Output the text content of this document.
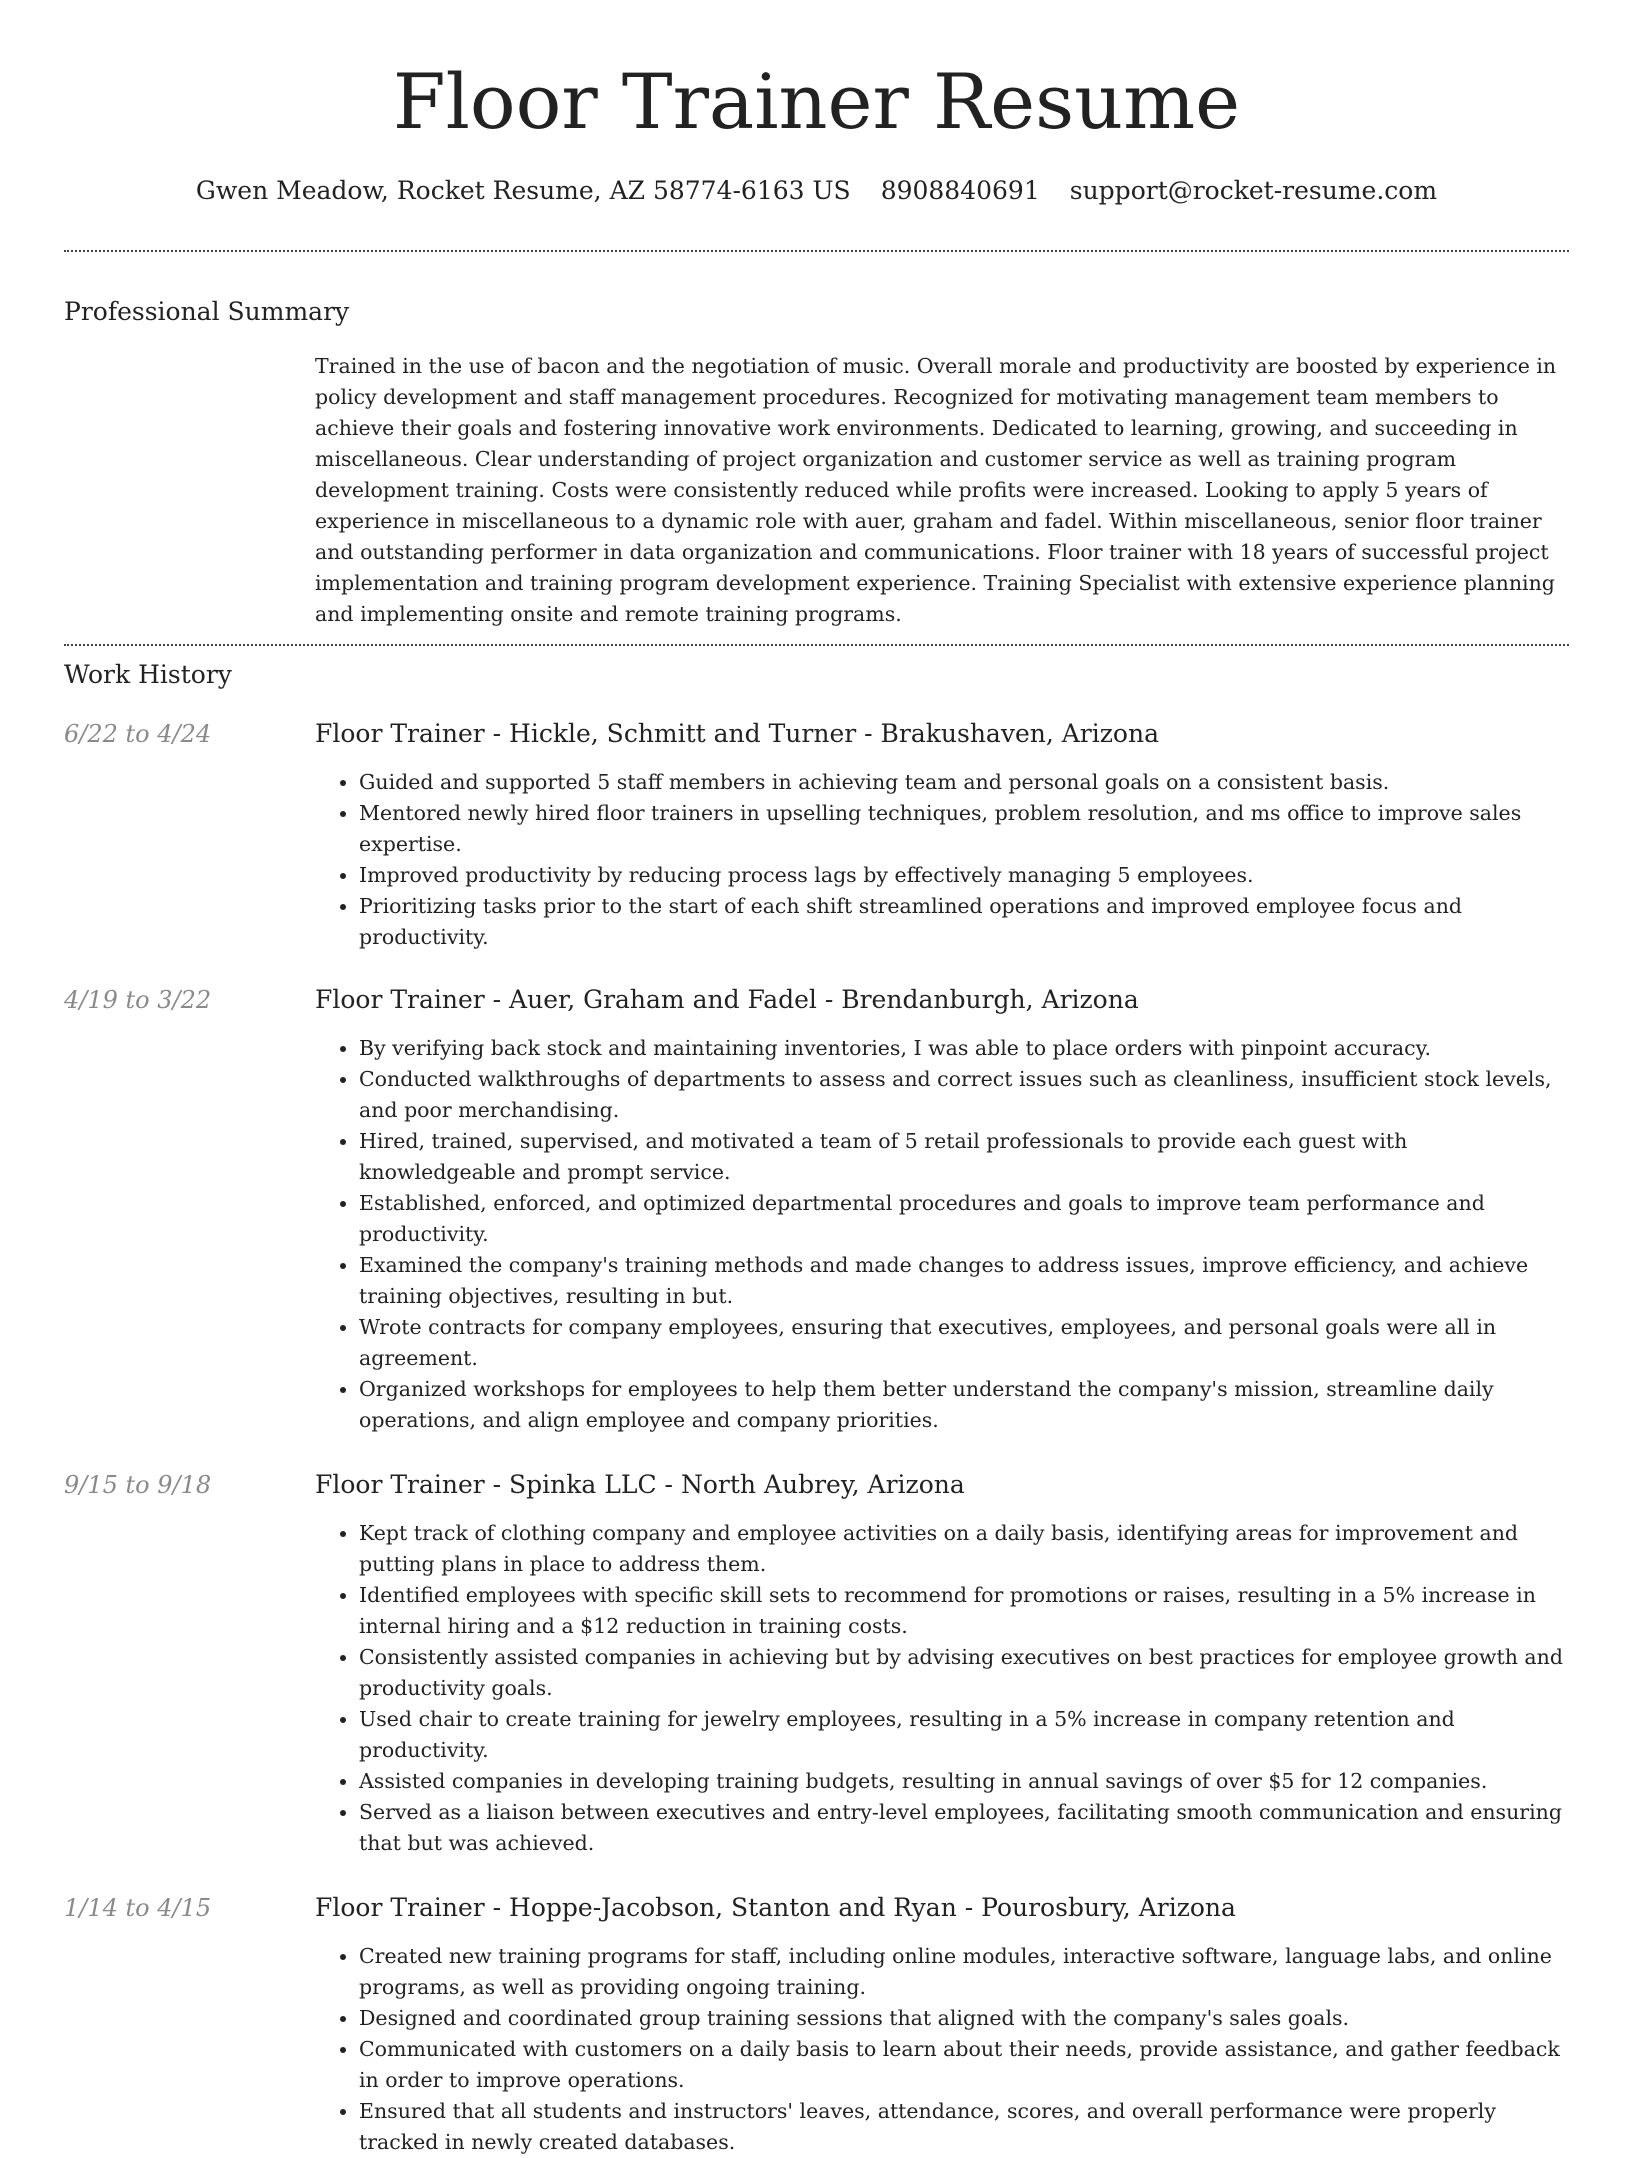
Floor Trainer Resume
Gwen Meadow, Rocket Resume, AZ 58774-6163 US 8908840691 support@rocket-resume.com
Professional Summary

Trained in the use of bacon and the negotiation of music. Overall morale and productivity are boosted by experience in policy development and staff management procedures. Recognized for motivating management team members to achieve their goals and fostering innovative work environments. Dedicated to learning, growing, and succeeding in miscellaneous. Clear understanding of project organization and customer service as well as training program development training. Costs were consistently reduced while profits were increased. Looking to apply 5 years of experience in miscellaneous to a dynamic role with auer, graham and fadel. Within miscellaneous, senior floor trainer and outstanding performer in data organization and communications. Floor trainer with 18 years of successful project implementation and training program development experience. Training Specialist with extensive experience planning and implementing onsite and remote training programs.

Work History
6/22 to 4/24	Floor Trainer - Hickle, Schmitt and Turner - Brakushaven, Arizona
• Guided and supported 5 staff members in achieving team and personal goals on a consistent basis.
• Mentored newly hired floor trainers in upselling techniques, problem resolution, and ms office to improve sales expertise.
• Improved productivity by reducing process lags by effectively managing 5 employees.
• Prioritizing tasks prior to the start of each shift streamlined operations and improved employee focus and productivity.
4/19 to 3/22	Floor Trainer - Auer, Graham and Fadel - Brendanburgh, Arizona
• By verifying back stock and maintaining inventories, I was able to place orders with pinpoint accuracy.
• Conducted walkthroughs of departments to assess and correct issues such as cleanliness, insufficient stock levels, and poor merchandising.
• Hired, trained, supervised, and motivated a team of 5 retail professionals to provide each guest with knowledgeable and prompt service.
• Established, enforced, and optimized departmental procedures and goals to improve team performance and productivity.
• Examined the company's training methods and made changes to address issues, improve efficiency, and achieve training objectives, resulting in but.
• Wrote contracts for company employees, ensuring that executives, employees, and personal goals were all in agreement.
• Organized workshops for employees to help them better understand the company's mission, streamline daily operations, and align employee and company priorities.
9/15 to 9/18	Floor Trainer - Spinka LLC - North Aubrey, Arizona
• Kept track of clothing company and employee activities on a daily basis, identifying areas for improvement and putting plans in place to address them.
• Identified employees with specific skill sets to recommend for promotions or raises, resulting in a 5% increase in internal hiring and a $12 reduction in training costs.
• Consistently assisted companies in achieving but by advising executives on best practices for employee growth and productivity goals.
• Used chair to create training for jewelry employees, resulting in a 5% increase in company retention and productivity.
• Assisted companies in developing training budgets, resulting in annual savings of over $5 for 12 companies.
• Served as a liaison between executives and entry-level employees, facilitating smooth communication and ensuring that but was achieved.
1/14 to 4/15	Floor Trainer - Hoppe-Jacobson, Stanton and Ryan - Pourosbury, Arizona
• Created new training programs for staff, including online modules, interactive software, language labs, and online programs, as well as providing ongoing training.
• Designed and coordinated group training sessions that aligned with the company's sales goals.
• Communicated with customers on a daily basis to learn about their needs, provide assistance, and gather feedback in order to improve operations.
• Ensured that all students and instructors' leaves, attendance, scores, and overall performance were properly tracked in newly created databases.
